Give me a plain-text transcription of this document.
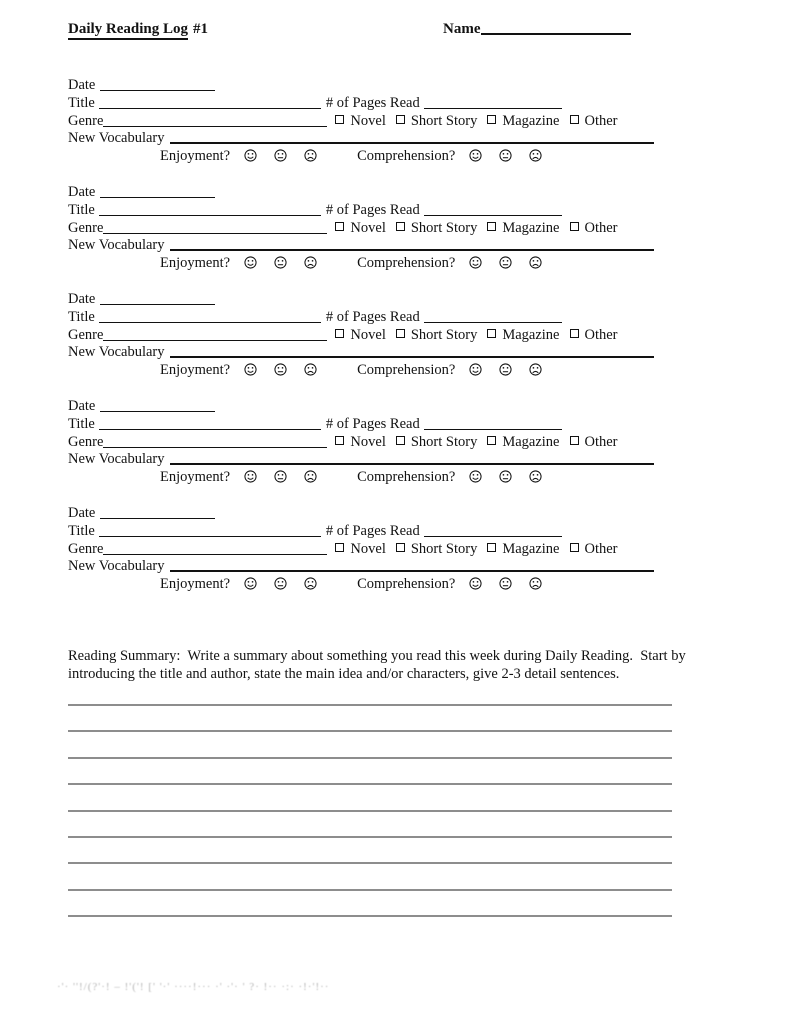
Daily Reading Log #1	Name
Date
Title	# of Pages Read
Genre	Novel Short Story Magazine Other
New Vocabulary
Enjoyment?	Comprehension?
Date
Title	# of Pages Read
Genre	Novel Short Story Magazine Other
New Vocabulary
Enjoyment?	Comprehension?
Date
Title	# of Pages Read
Genre	Novel Short Story Magazine Other
New Vocabulary
Enjoyment?	Comprehension?
Date
Title	# of Pages Read
Genre	Novel Short Story Magazine Other
New Vocabulary
Enjoyment?	Comprehension?
Date
Title	# of Pages Read
Genre	Novel Short Story Magazine Other
New Vocabulary
Enjoyment?	Comprehension?

Reading Summary:  Write a summary about something you read this week during Daily Reading.  Start by introducing the title and author, state the main idea and/or characters, give 2-3 detail sentences.

·'· ''!/(?'·! – !'('! [' '·' ····!··· ·' ·'· ' ?· !·· ·:· ·!·'!··
